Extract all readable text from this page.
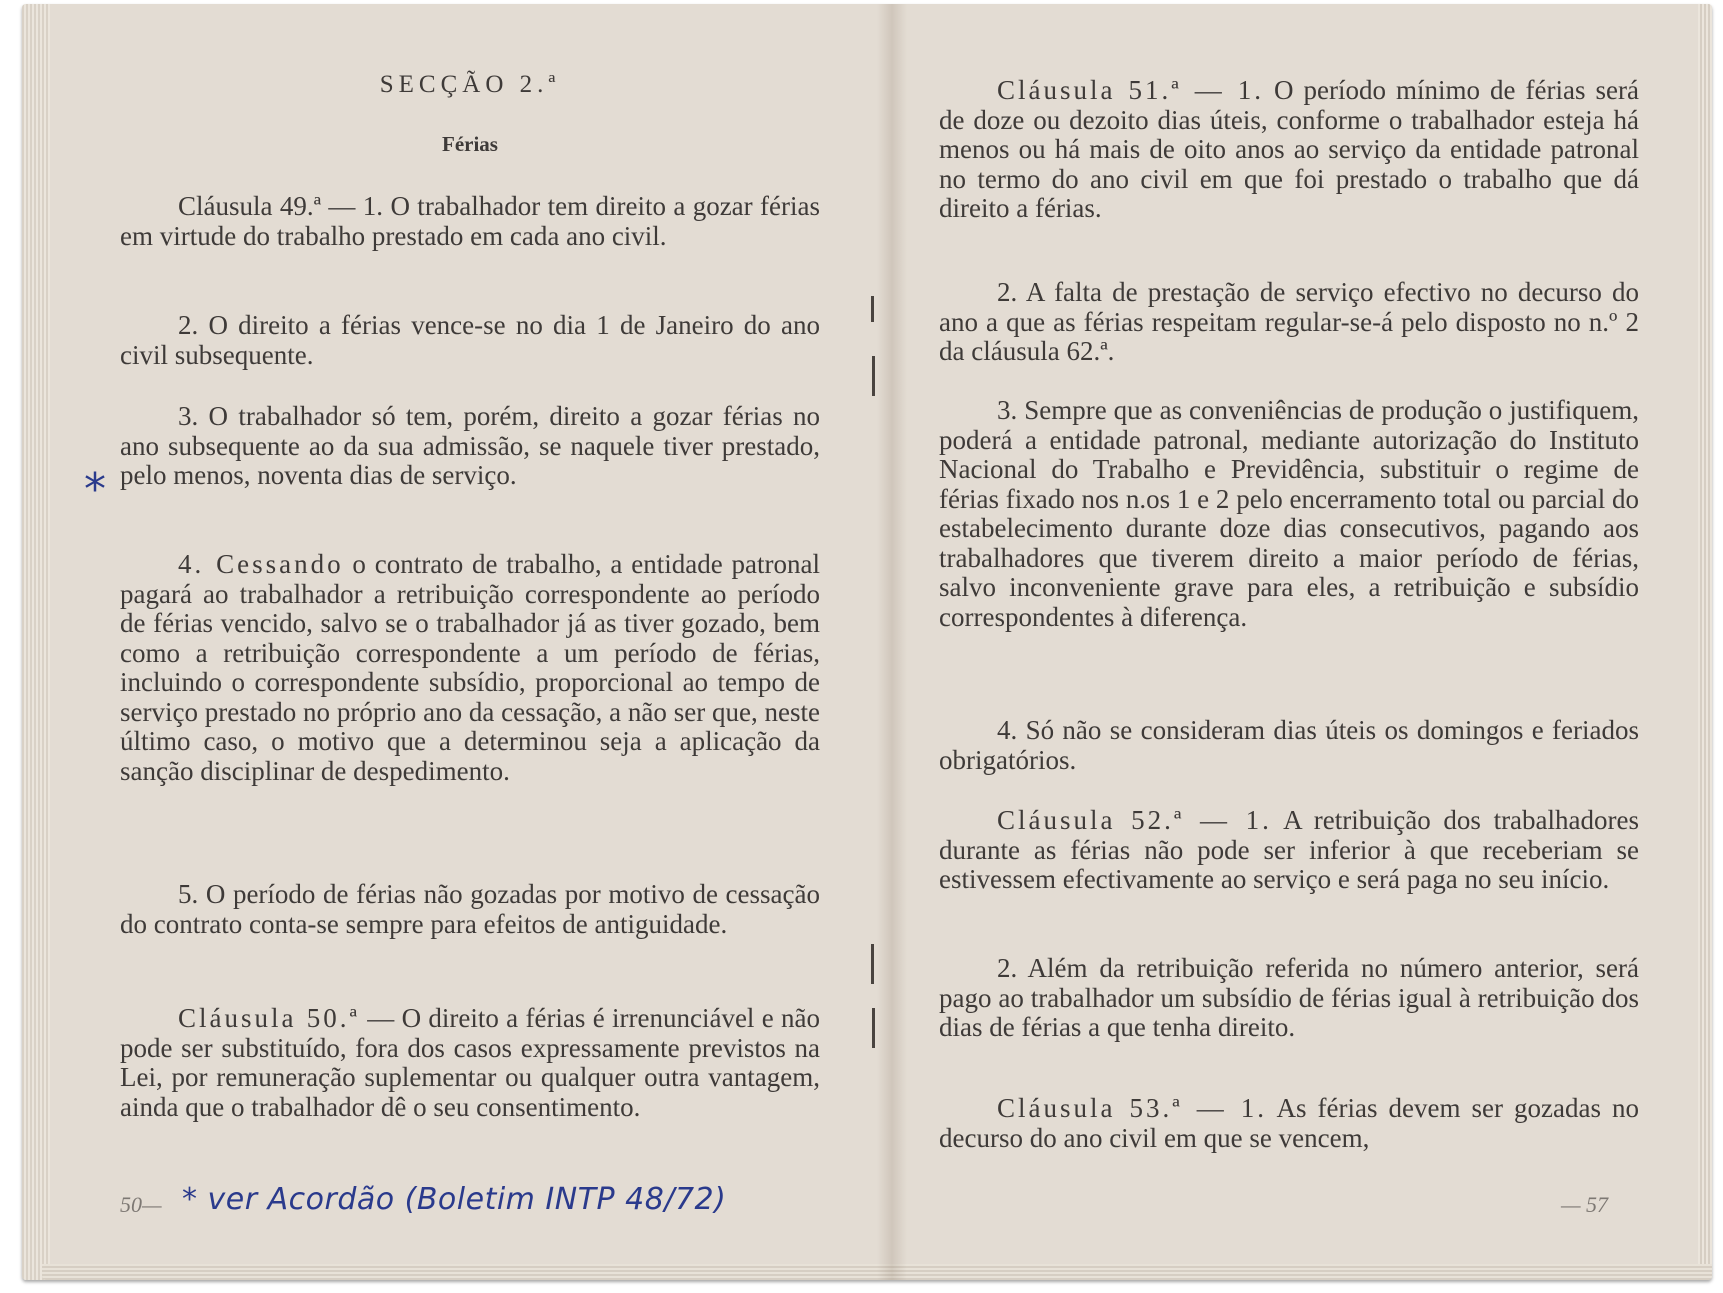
SECÇÃO 2.ª

Férias

Cláusula 49.ª — 1. O trabalhador tem direito a gozar férias em virtude do trabalho prestado em cada ano civil.

2. O direito a férias vence-se no dia 1 de Janeiro do ano civil subsequente.

3. O trabalhador só tem, porém, direito a gozar férias no ano subsequente ao da sua admissão, se naquele tiver prestado, pelo menos, noventa dias de serviço.

4. Cessando o contrato de trabalho, a entidade patronal pagará ao trabalhador a retribuição correspondente ao período de férias vencido, salvo se o trabalhador já as tiver gozado, bem como a retribuição correspondente a um período de férias, incluindo o correspondente subsídio, proporcional ao tempo de serviço prestado no próprio ano da cessação, a não ser que, neste último caso, o motivo que a determinou seja a aplicação da sanção disciplinar de despedimento.

5. O período de férias não gozadas por motivo de cessação do contrato conta-se sempre para efeitos de antiguidade.

Cláusula 50.ª — O direito a férias é irrenunciável e não pode ser substituído, fora dos casos expressamente previstos na Lei, por remuneração suplementar ou qualquer outra vantagem, ainda que o trabalhador dê o seu consentimento.

50—
*
* ver Acordão (Boletim INTP 48/72)

Cláusula 51.ª — 1. O período mínimo de férias será de doze ou dezoito dias úteis, conforme o trabalhador esteja há menos ou há mais de oito anos ao serviço da entidade patronal no termo do ano civil em que foi prestado o trabalho que dá direito a férias.

2. A falta de prestação de serviço efectivo no decurso do ano a que as férias respeitam regular-se-á pelo disposto no n.º 2 da cláusula 62.ª.

3. Sempre que as conveniências de produção o justifiquem, poderá a entidade patronal, mediante autorização do Instituto Nacional do Trabalho e Previdência, substituir o regime de férias fixado nos n.os 1 e 2 pelo encerramento total ou parcial do estabelecimento durante doze dias consecutivos, pagando aos trabalhadores que tiverem direito a maior período de férias, salvo inconveniente grave para eles, a retribuição e subsídio correspondentes à diferença.

4. Só não se consideram dias úteis os domingos e feriados obrigatórios.

Cláusula 52.ª — 1. A retribuição dos trabalhadores durante as férias não pode ser inferior à que receberiam se estivessem efectivamente ao serviço e será paga no seu início.

2. Além da retribuição referida no número anterior, será pago ao trabalhador um subsídio de férias igual à retribuição dos dias de férias a que tenha direito.

Cláusula 53.ª — 1. As férias devem ser gozadas no decurso do ano civil em que se vencem,

— 57
